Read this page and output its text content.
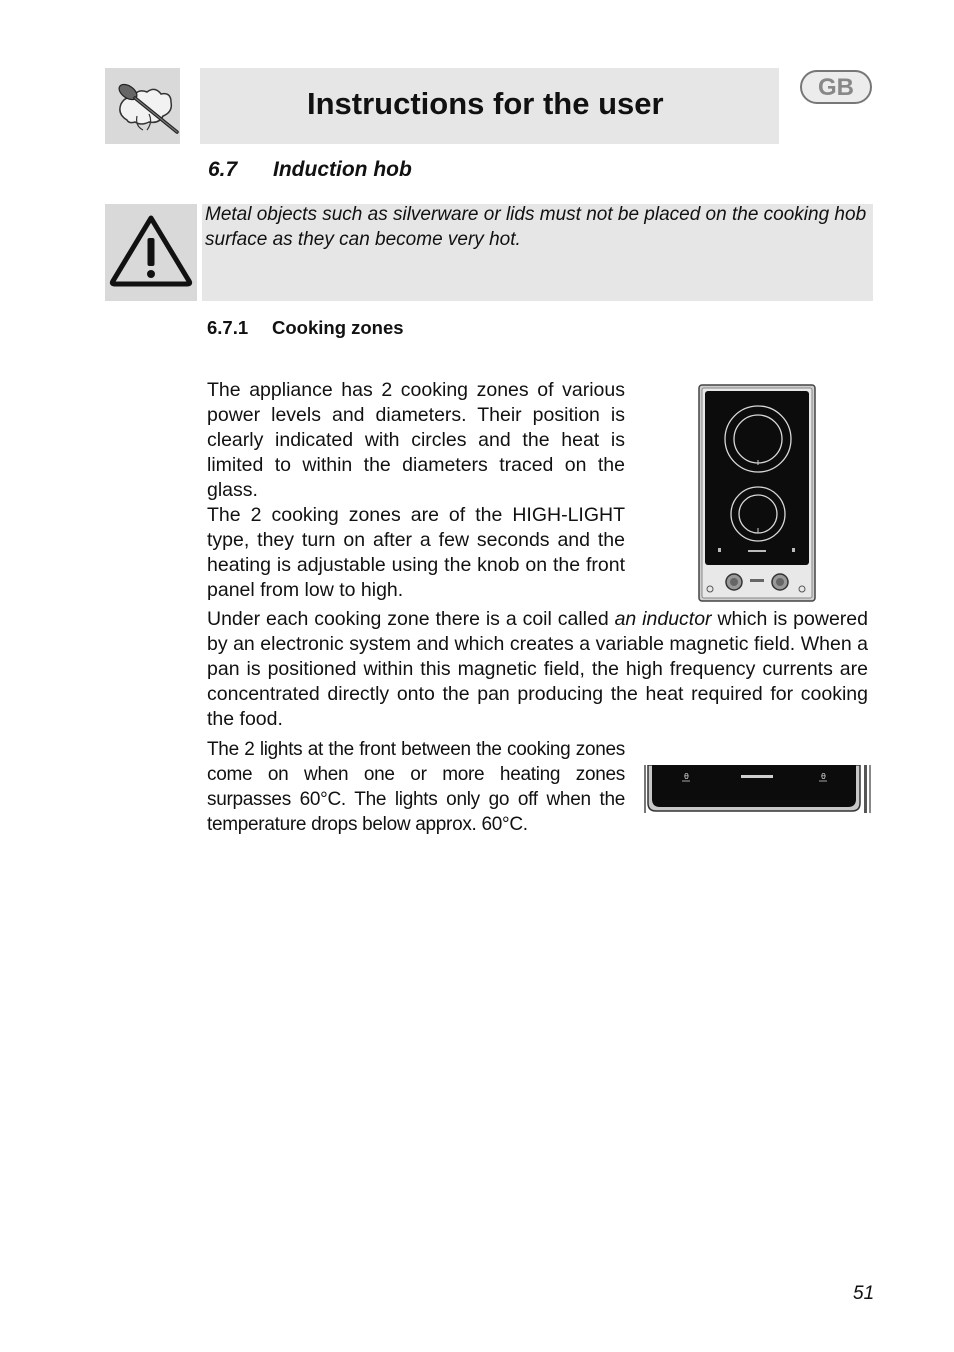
Instructions for the user	GB
6.7 Induction hob
Metal objects such as silverware or lids must not be placed on the cooking hob surface as they can become very hot.
6.7.1 Cooking zones
The appliance has 2 cooking zones of various power levels and diameters. Their position is clearly indicated with circles and the heat is limited to within the diameters traced on the glass.
The 2 cooking zones are of the HIGH-LIGHT type, they turn on after a few seconds and the heating is adjustable using the knob on the front panel from low to high.
Under each cooking zone there is a coil called an inductor which is powered by an electronic system and which creates a variable magnetic field. When a pan is positioned within this magnetic field, the high frequency currents are concentrated directly onto the pan producing the heat required for cooking the food.
The 2 lights at the front between the cooking zones come on when one or more heating zones surpasses 60°C. The lights only go off when the temperature drops below approx. 60°C.
θ	θ
51
